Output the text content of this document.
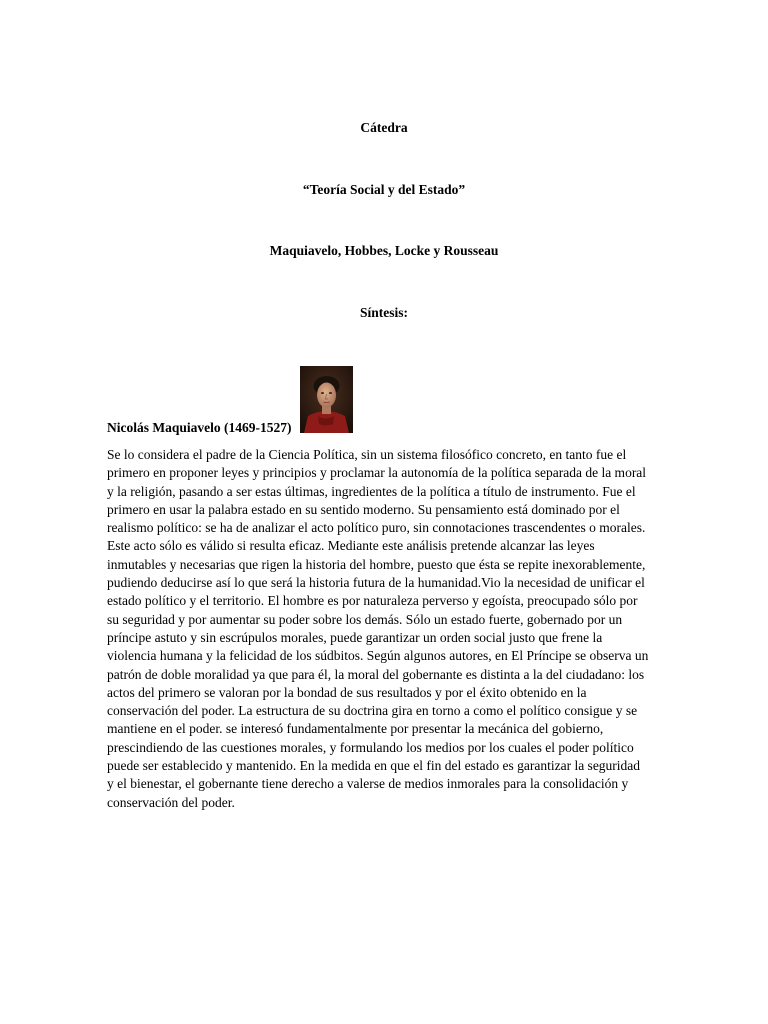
Cátedra
“Teoría Social y del Estado”
Maquiavelo, Hobbes, Locke y Rousseau
Síntesis:
Nicolás Maquiavelo (1469-1527)
Se lo considera el padre de la Ciencia Política, sin un sistema filosófico concreto, en tanto fue el
primero en proponer leyes y principios y proclamar la autonomía de la política separada de la moral
y la religión, pasando a ser estas últimas, ingredientes de la política a título de instrumento. Fue el
primero en usar la palabra estado en su sentido moderno. Su pensamiento está dominado por el
realismo político: se ha de analizar el acto político puro, sin connotaciones trascendentes o morales.
Este acto sólo es válido si resulta eficaz. Mediante este análisis pretende alcanzar las leyes
inmutables y necesarias que rigen la historia del hombre, puesto que ésta se repite inexorablemente,
pudiendo deducirse así lo que será la historia futura de la humanidad.Vio la necesidad de unificar el
estado político y el territorio. El hombre es por naturaleza perverso y egoísta, preocupado sólo por
su seguridad y por aumentar su poder sobre los demás. Sólo un estado fuerte, gobernado por un
príncipe astuto y sin escrúpulos morales, puede garantizar un orden social justo que frene la
violencia humana y la felicidad de los súdbitos. Según algunos autores, en El Príncipe se observa un
patrón de doble moralidad ya que para él, la moral del gobernante es distinta a la del ciudadano: los
actos del primero se valoran por la bondad de sus resultados y por el éxito obtenido en la
conservación del poder. La estructura de su doctrina gira en torno a como el político consigue y se
mantiene en el poder. se interesó fundamentalmente por presentar la mecánica del gobierno,
prescindiendo de las cuestiones morales, y formulando los medios por los cuales el poder político
puede ser establecido y mantenido. En la medida en que el fin del estado es garantizar la seguridad
y el bienestar, el gobernante tiene derecho a valerse de medios inmorales para la consolidación y
conservación del poder.
